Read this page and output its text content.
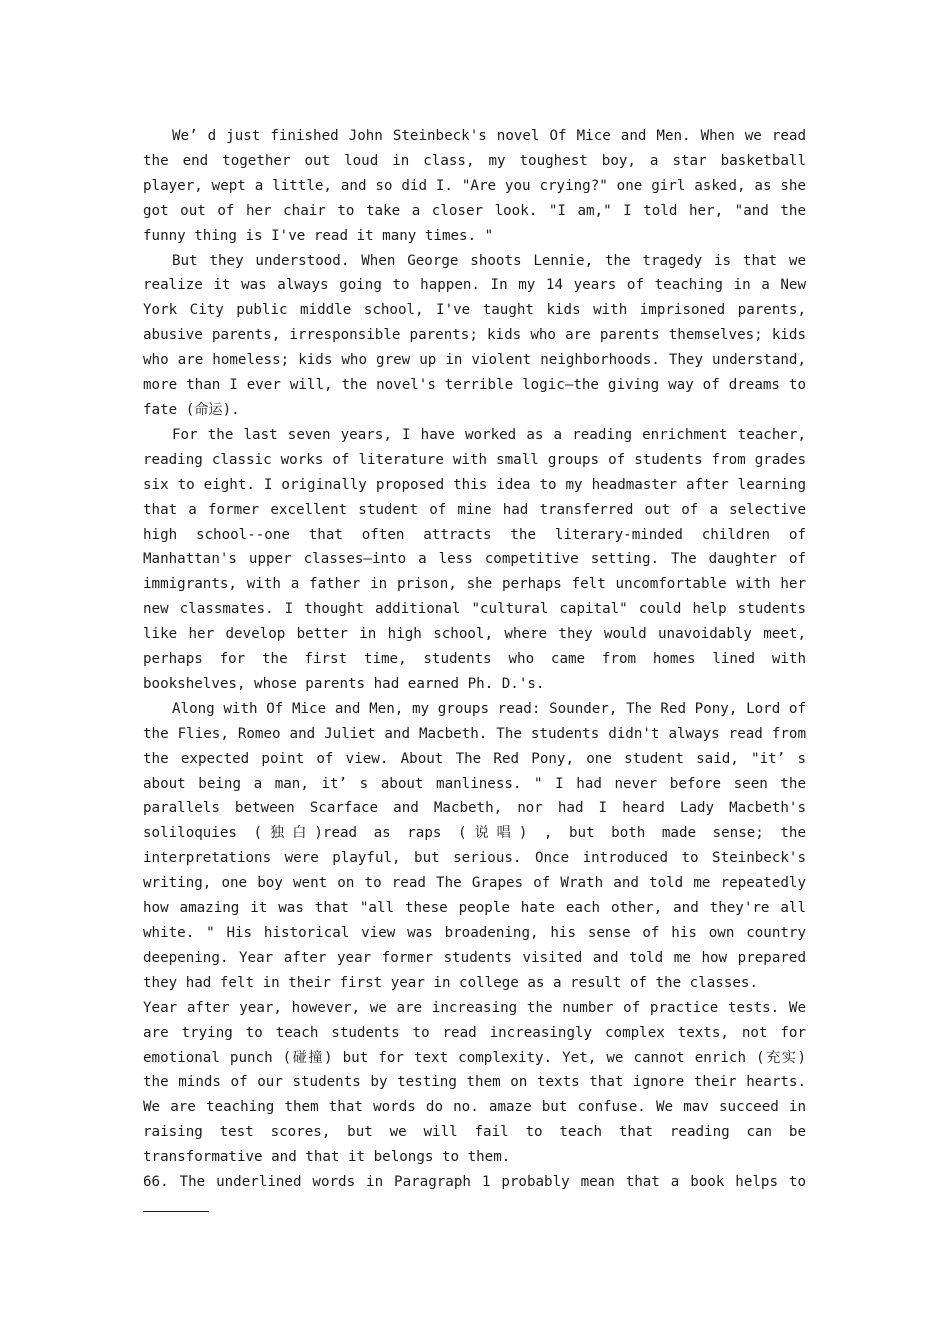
We’ d just finished John Steinbeck's novel Of Mice and Men. When we read the end together out loud in class, my toughest boy, a star basketball player, wept a little, and so did I. "Are you crying?" one girl asked, as she got out of her chair to take a closer look. "I am," I told her, "and the funny thing is I've read it many times. "

But they understood. When George shoots Lennie, the tragedy is that we realize it was always going to happen. In my 14 years of teaching in a New York City public middle school, I've taught kids with imprisoned parents, abusive parents, irresponsible parents; kids who are parents themselves; kids who are homeless; kids who grew up in violent neighborhoods. They understand, more than I ever will, the novel's terrible logic—the giving way of dreams to fate (命运).

For the last seven years, I have worked as a reading enrichment teacher, reading classic works of literature with small groups of students from grades six to eight. I originally proposed this idea to my headmaster after learning that a former excellent student of mine had transferred out of a selective high school--one that often attracts the literary-minded children of Manhattan's upper classes—into a less competitive setting. The daughter of immigrants, with a father in prison, she perhaps felt uncomfortable with her new classmates. I thought additional "cultural capital" could help students like her develop better in high school, where they would unavoidably meet, perhaps for the first time, students who came from homes lined with bookshelves, whose parents had earned Ph. D.'s.

Along with Of Mice and Men, my groups read: Sounder, The Red Pony, Lord of the Flies, Romeo and Juliet and Macbeth. The students didn't always read from the expected point of view. About The Red Pony, one student said, "it’ s about being a man, it’ s about manliness. " I had never before seen the parallels between Scarface and Macbeth, nor had I heard Lady Macbeth's soliloquies (独白)read as raps (说唱) , but both made sense; the interpretations were playful, but serious. Once introduced to Steinbeck's writing, one boy went on to read The Grapes of Wrath and told me repeatedly how amazing it was that "all these people hate each other, and they're all white. " His historical view was broadening, his sense of his own country deepening. Year after year former students visited and told me how prepared they had felt in their first year in college as a result of the classes.

Year after year, however, we are increasing the number of practice tests. We are trying to teach students to read increasingly complex texts, not for emotional punch (碰撞) but for text complexity. Yet, we cannot enrich (充实) the minds of our students by testing them on texts that ignore their hearts. We are teaching them that words do no. amaze but confuse. We mav succeed in raising test scores, but we will fail to teach that reading can be transformative and that it belongs to them.

66. The underlined words in Paragraph 1 probably mean that a book helps to
